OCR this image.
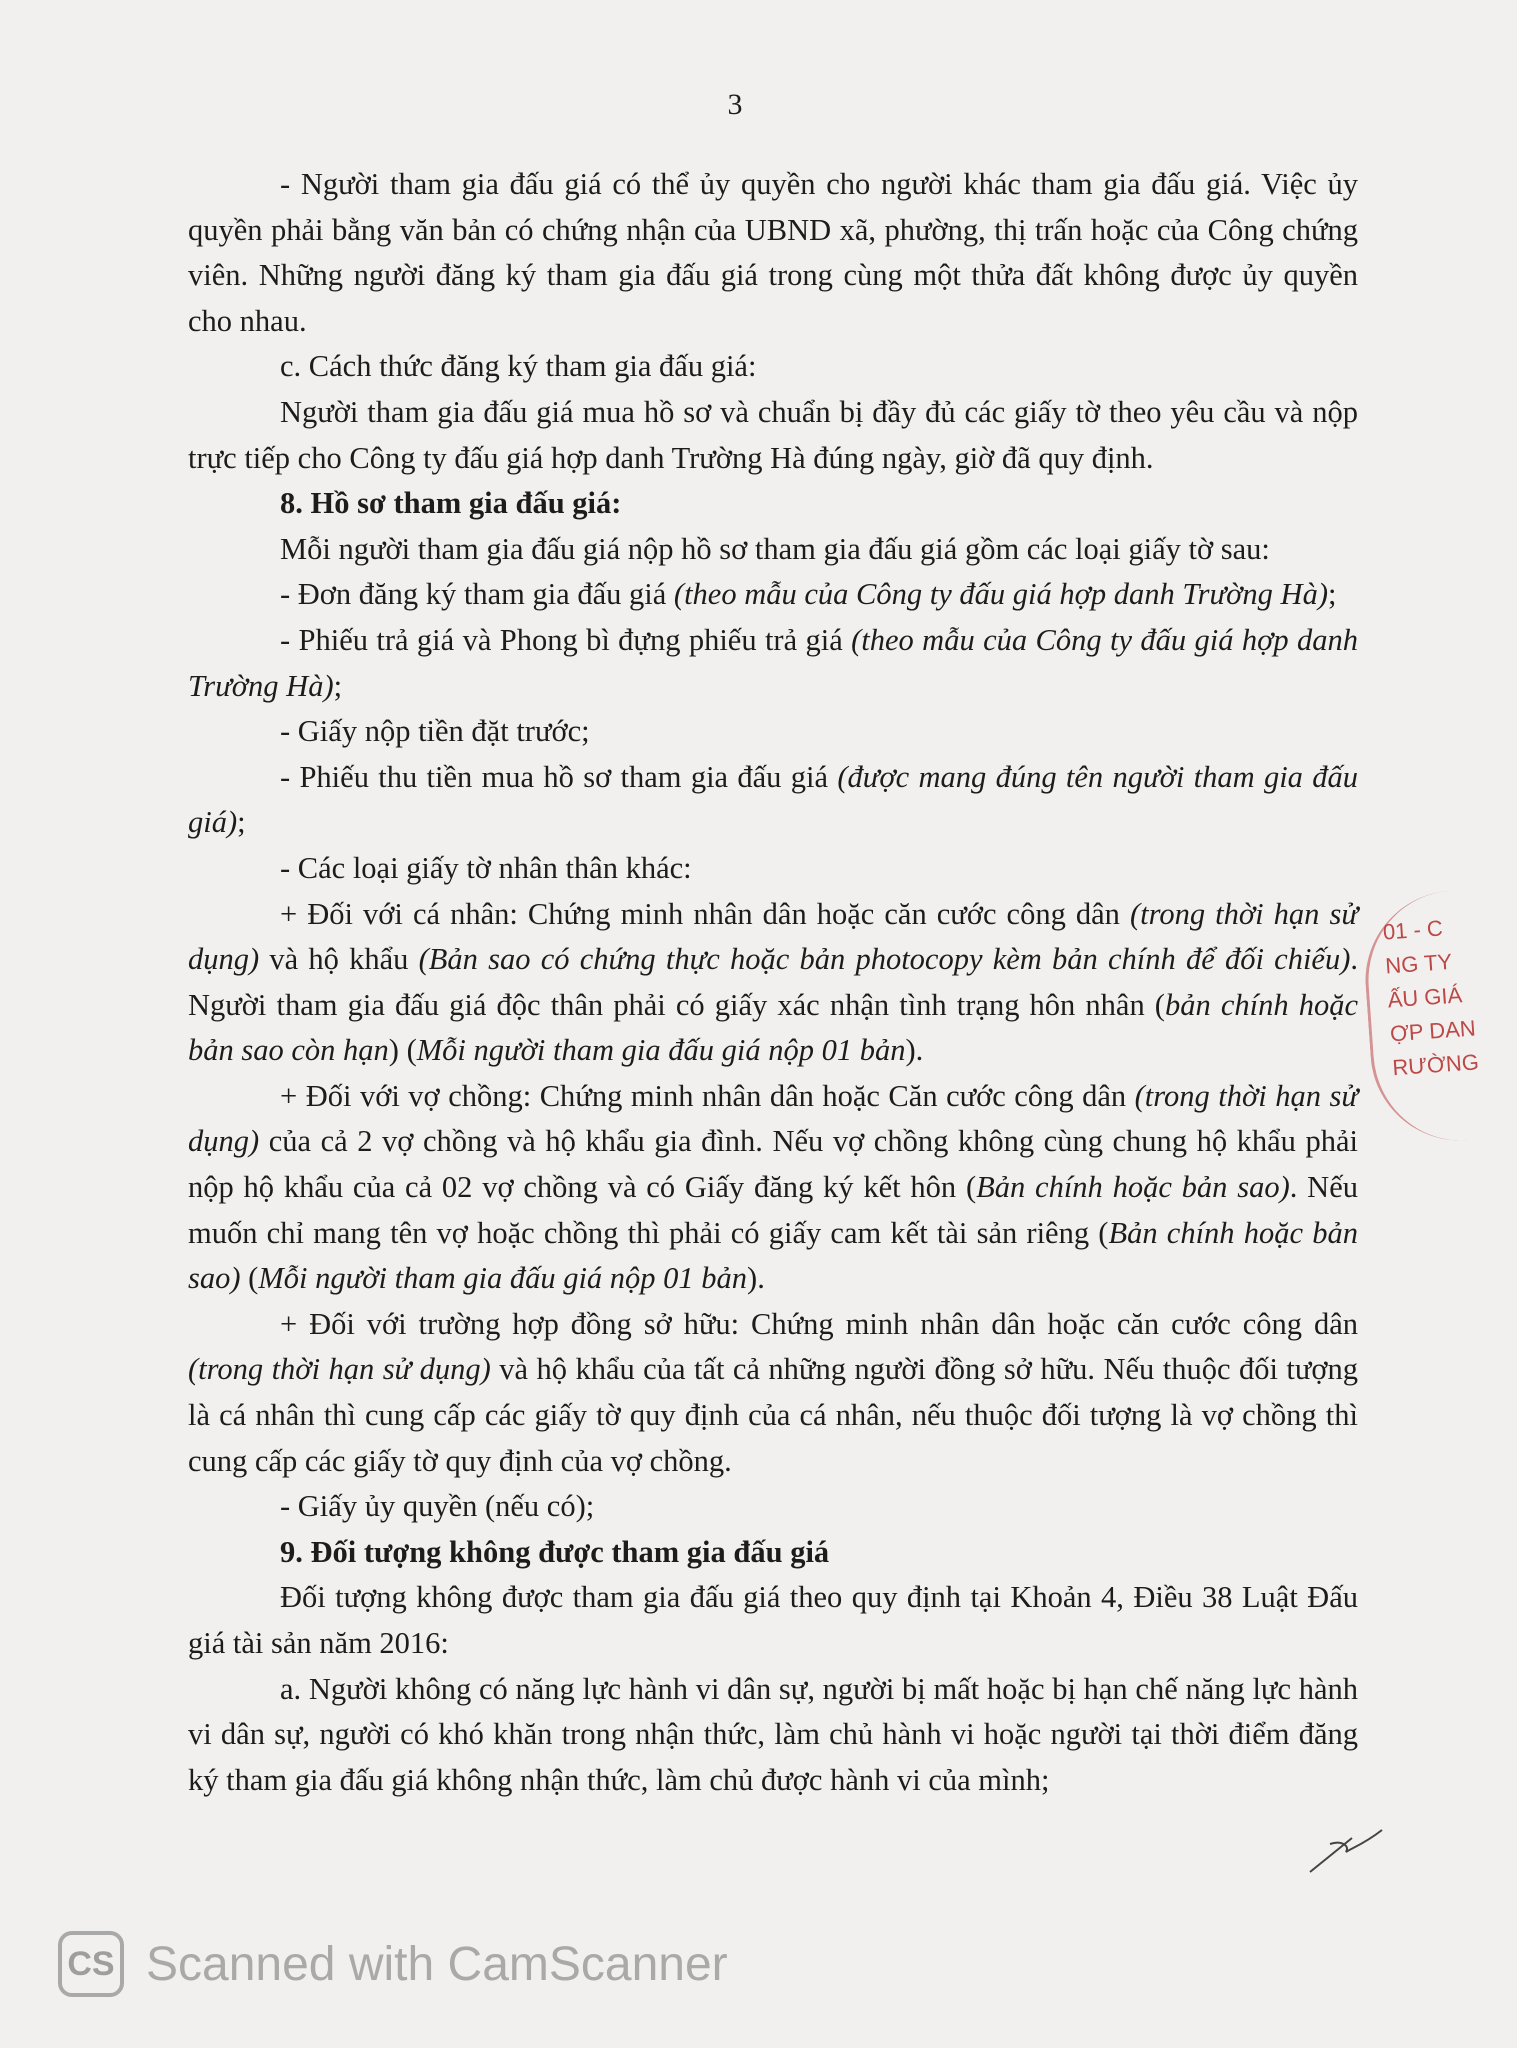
3

- Người tham gia đấu giá có thể ủy quyền cho người khác tham gia đấu giá. Việc ủy quyền phải bằng văn bản có chứng nhận của UBND xã, phường, thị trấn hoặc của Công chứng viên. Những người đăng ký tham gia đấu giá trong cùng một thửa đất không được ủy quyền cho nhau.

c. Cách thức đăng ký tham gia đấu giá:

Người tham gia đấu giá mua hồ sơ và chuẩn bị đầy đủ các giấy tờ theo yêu cầu và nộp trực tiếp cho Công ty đấu giá hợp danh Trường Hà đúng ngày, giờ đã quy định.

8. Hồ sơ tham gia đấu giá:

Mỗi người tham gia đấu giá nộp hồ sơ tham gia đấu giá gồm các loại giấy tờ sau:

- Đơn đăng ký tham gia đấu giá (theo mẫu của Công ty đấu giá hợp danh Trường Hà);

- Phiếu trả giá và Phong bì đựng phiếu trả giá (theo mẫu của Công ty đấu giá hợp danh Trường Hà);

- Giấy nộp tiền đặt trước;

- Phiếu thu tiền mua hồ sơ tham gia đấu giá (được mang đúng tên người tham gia đấu giá);

- Các loại giấy tờ nhân thân khác:

+ Đối với cá nhân: Chứng minh nhân dân hoặc căn cước công dân (trong thời hạn sử dụng) và hộ khẩu (Bản sao có chứng thực hoặc bản photocopy kèm bản chính để đối chiếu). Người tham gia đấu giá độc thân phải có giấy xác nhận tình trạng hôn nhân (bản chính hoặc bản sao còn hạn) (Mỗi người tham gia đấu giá nộp 01 bản).

+ Đối với vợ chồng: Chứng minh nhân dân hoặc Căn cước công dân (trong thời hạn sử dụng) của cả 2 vợ chồng và hộ khẩu gia đình. Nếu vợ chồng không cùng chung hộ khẩu phải nộp hộ khẩu của cả 02 vợ chồng và có Giấy đăng ký kết hôn (Bản chính hoặc bản sao). Nếu muốn chỉ mang tên vợ hoặc chồng thì phải có giấy cam kết tài sản riêng (Bản chính hoặc bản sao) (Mỗi người tham gia đấu giá nộp 01 bản).

+ Đối với trường hợp đồng sở hữu: Chứng minh nhân dân hoặc căn cước công dân (trong thời hạn sử dụng) và hộ khẩu của tất cả những người đồng sở hữu. Nếu thuộc đối tượng là cá nhân thì cung cấp các giấy tờ quy định của cá nhân, nếu thuộc đối tượng là vợ chồng thì cung cấp các giấy tờ quy định của vợ chồng.

- Giấy ủy quyền (nếu có);

9. Đối tượng không được tham gia đấu giá

Đối tượng không được tham gia đấu giá theo quy định tại Khoản 4, Điều 38 Luật Đấu giá tài sản năm 2016:

a. Người không có năng lực hành vi dân sự, người bị mất hoặc bị hạn chế năng lực hành vi dân sự, người có khó khăn trong nhận thức, làm chủ hành vi hoặc người tại thời điểm đăng ký tham gia đấu giá không nhận thức, làm chủ được hành vi của mình;

01 - C
NG TY
ẤU GIÁ
ỢP DAN
RƯỜNG
CS Scanned with CamScanner
